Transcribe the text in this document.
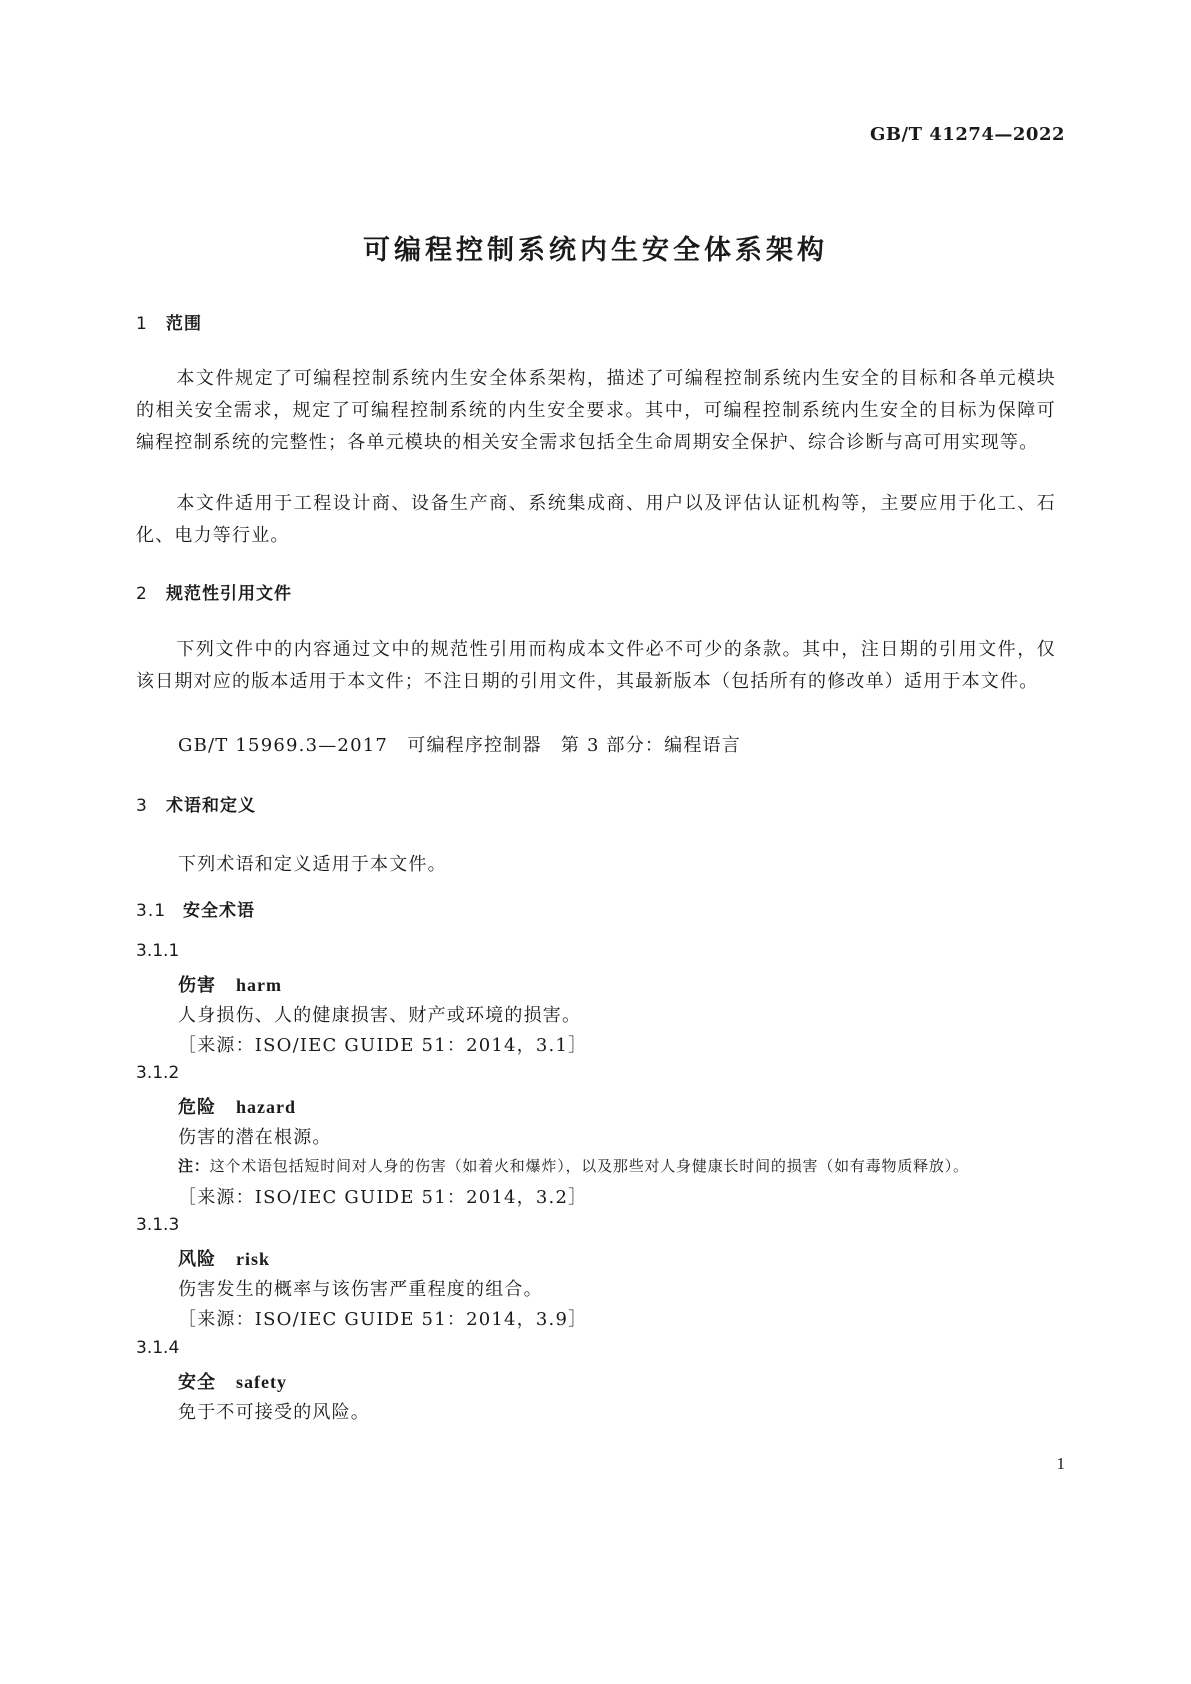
GB/T 41274—2022
可编程控制系统内生安全体系架构
1 范围
本文件规定了可编程控制系统内生安全体系架构，描述了可编程控制系统内生安全的目标和各单元模块的相关安全需求，规定了可编程控制系统的内生安全要求。其中，可编程控制系统内生安全的目标为保障可编程控制系统的完整性；各单元模块的相关安全需求包括全生命周期安全保护、综合诊断与高可用实现等。
本文件适用于工程设计商、设备生产商、系统集成商、用户以及评估认证机构等，主要应用于化工、石化、电力等行业。
2 规范性引用文件
下列文件中的内容通过文中的规范性引用而构成本文件必不可少的条款。其中，注日期的引用文件，仅该日期对应的版本适用于本文件；不注日期的引用文件，其最新版本（包括所有的修改单）适用于本文件。
GB/T 15969.3—2017　可编程序控制器　第 3 部分：编程语言
3 术语和定义
下列术语和定义适用于本文件。
3.1 安全术语
3.1.1
伤害 harm
人身损伤、人的健康损害、财产或环境的损害。
［来源：ISO/IEC GUIDE 51：2014，3.1］
3.1.2
危险 hazard
伤害的潜在根源。
注：这个术语包括短时间对人身的伤害（如着火和爆炸），以及那些对人身健康长时间的损害（如有毒物质释放）。
［来源：ISO/IEC GUIDE 51：2014，3.2］
3.1.3
风险 risk
伤害发生的概率与该伤害严重程度的组合。
［来源：ISO/IEC GUIDE 51：2014，3.9］
3.1.4
安全 safety
免于不可接受的风险。
1
